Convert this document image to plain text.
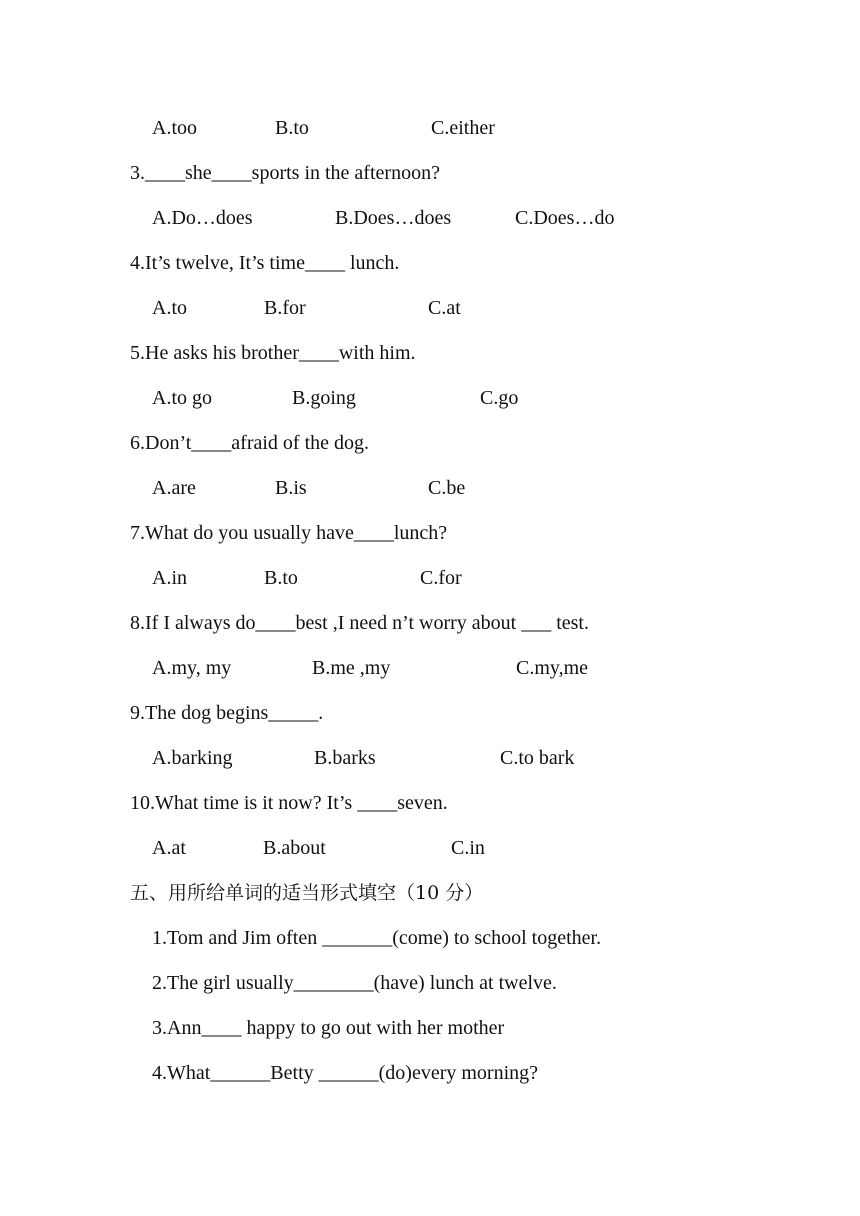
A.too	B.to	C.either
3.____she____sports in the afternoon?
A.Do…does	B.Does…does	C.Does…do
4.It’s twelve, It’s time____ lunch.
A.to	B.for	C.at
5.He asks his brother____with him.
A.to go	B.going	C.go
6.Don’t____afraid of the dog.
A.are	B.is	C.be
7.What do you usually have____lunch?
A.in	B.to	C.for
8.If I always do____best ,I need n’t worry about ___ test.
A.my, my	B.me ,my	C.my,me
9.The dog begins_____.
A.barking	B.barks	C.to bark
10.What time is it now? It’s ____seven.
A.at	B.about	C.in
五、用所给单词的适当形式填空（10 分）
1.Tom and Jim often _______(come) to school together.
2.The girl usually________(have) lunch at twelve.
3.Ann____ happy to go out with her mother
4.What______Betty ______(do)every morning?
